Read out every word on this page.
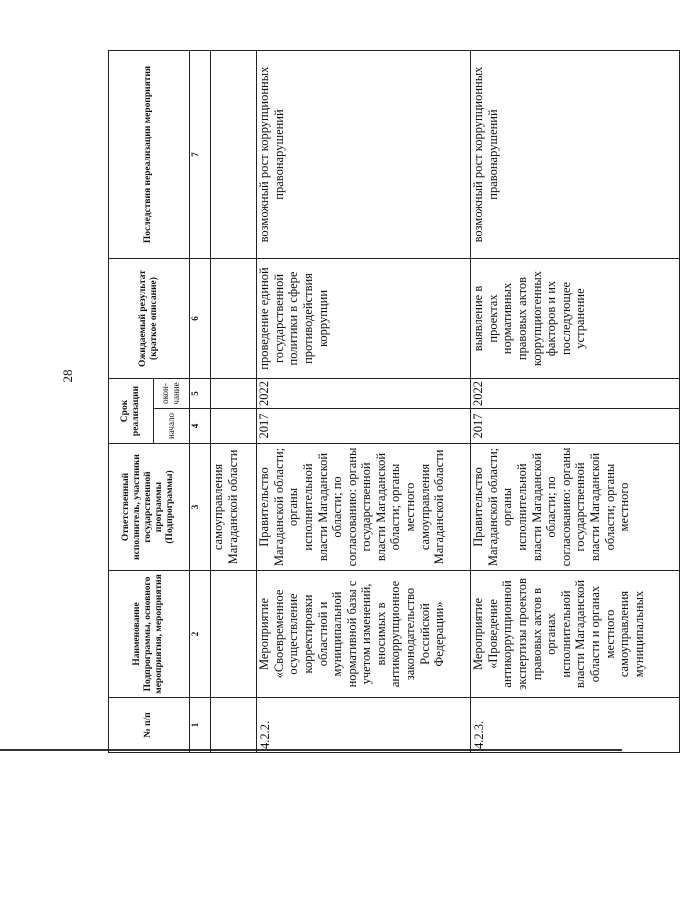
28
№ п/п	Наименование Подпрограммы, основного мероприятия, мероприятия	Ответственный исполнитель, участники государственной программы (Подпрограммы)	Срок реализации		Ожидаемый результат (краткое описание)	Последствия нереализации мероприятия
			начало	окон-чание		
1	2	3	4	5	6	7
		самоуправления Магаданской области				
4.2.2.	Мероприятие «Своевременное осуществление корректировки областной и муниципальной нормативной базы с учетом изменений, вносимых в антикоррупционное законодательство Российской Федерации»	Правительство Магаданской области; органы исполнительной власти Магаданской области; по согласованию: органы государственной власти Магаданской области; органы местного самоуправления Магаданской области	2017	2022	проведение единой государственной политики в сфере противодействия коррупции	возможный рост коррупционных правонарушений
4.2.3.	Мероприятие «Проведение антикоррупционной экспертизы проектов правовых актов в органах исполнительной власти Магаданской области и органах местного самоуправления муниципальных	Правительство Магаданской области; органы исполнительной власти Магаданской области; по согласованию: органы государственной власти Магаданской области; органы местного	2017	2022	выявление в проектах нормативных правовых актов коррупциогенных факторов и их последующее устранение	возможный рост коррупционных правонарушений
